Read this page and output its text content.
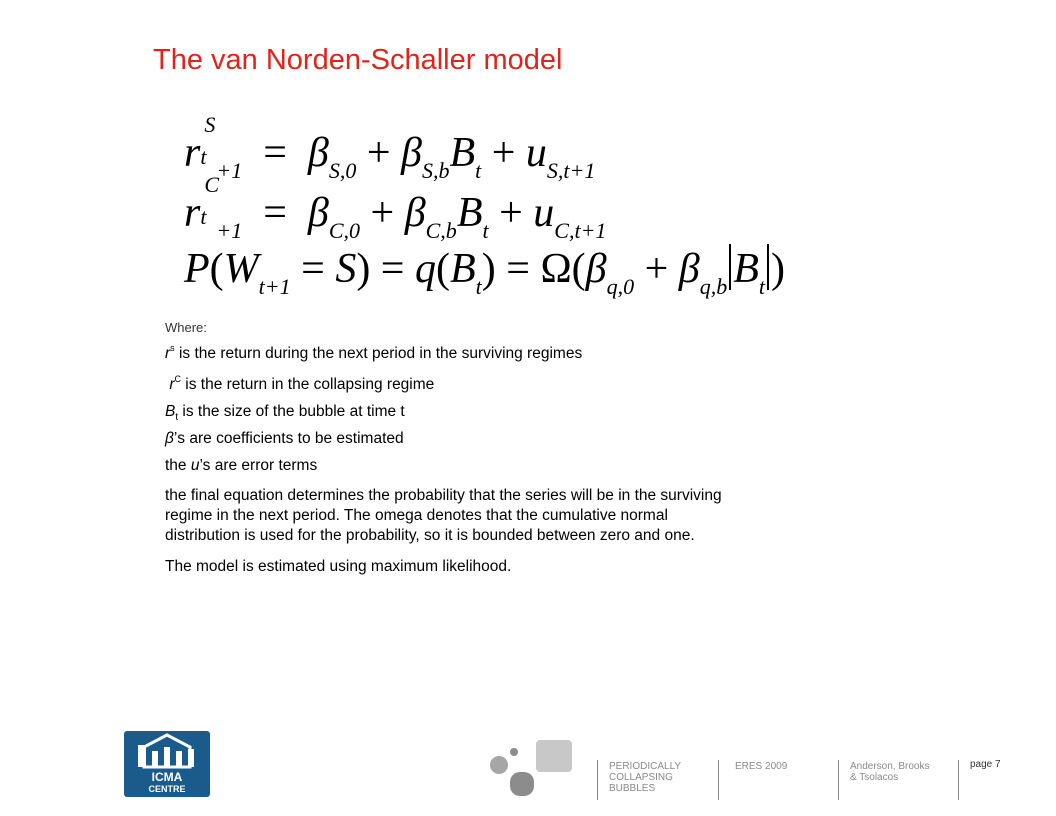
The van Norden-Schaller model
r
S
t
$_{+1} = \beta_{S,0} + \beta_{S,b}B_t + u_{S,t+1}$
r
C
t
$_{+1} = \beta_{C,0} + \beta_{C,b}B_t + u_{C,t+1}$
$P(W_{t+1} = S) = q(B_t) = \Omega(\beta_{q,0} + \beta_{q,b}$ $B_t$ )
Where:
$r^s$ is the return during the next period in the surviving regimes
$r^C$ is the return in the collapsing regime
$B_t$ is the size of the bubble at time t
β’s are coefficients to be estimated
the u’s are error terms
the final equation determines the probability that the series will be in the surviving
regime in the next period. The omega denotes that the cumulative normal
distribution is used for the probability, so it is bounded between zero and one.
The model is estimated using maximum likelihood.
ICMA
CENTRE
PERIODICALLY
COLLAPSING
BUBBLES
ERES 2009	Anderson, Brooks
& Tsolacos
page 7
